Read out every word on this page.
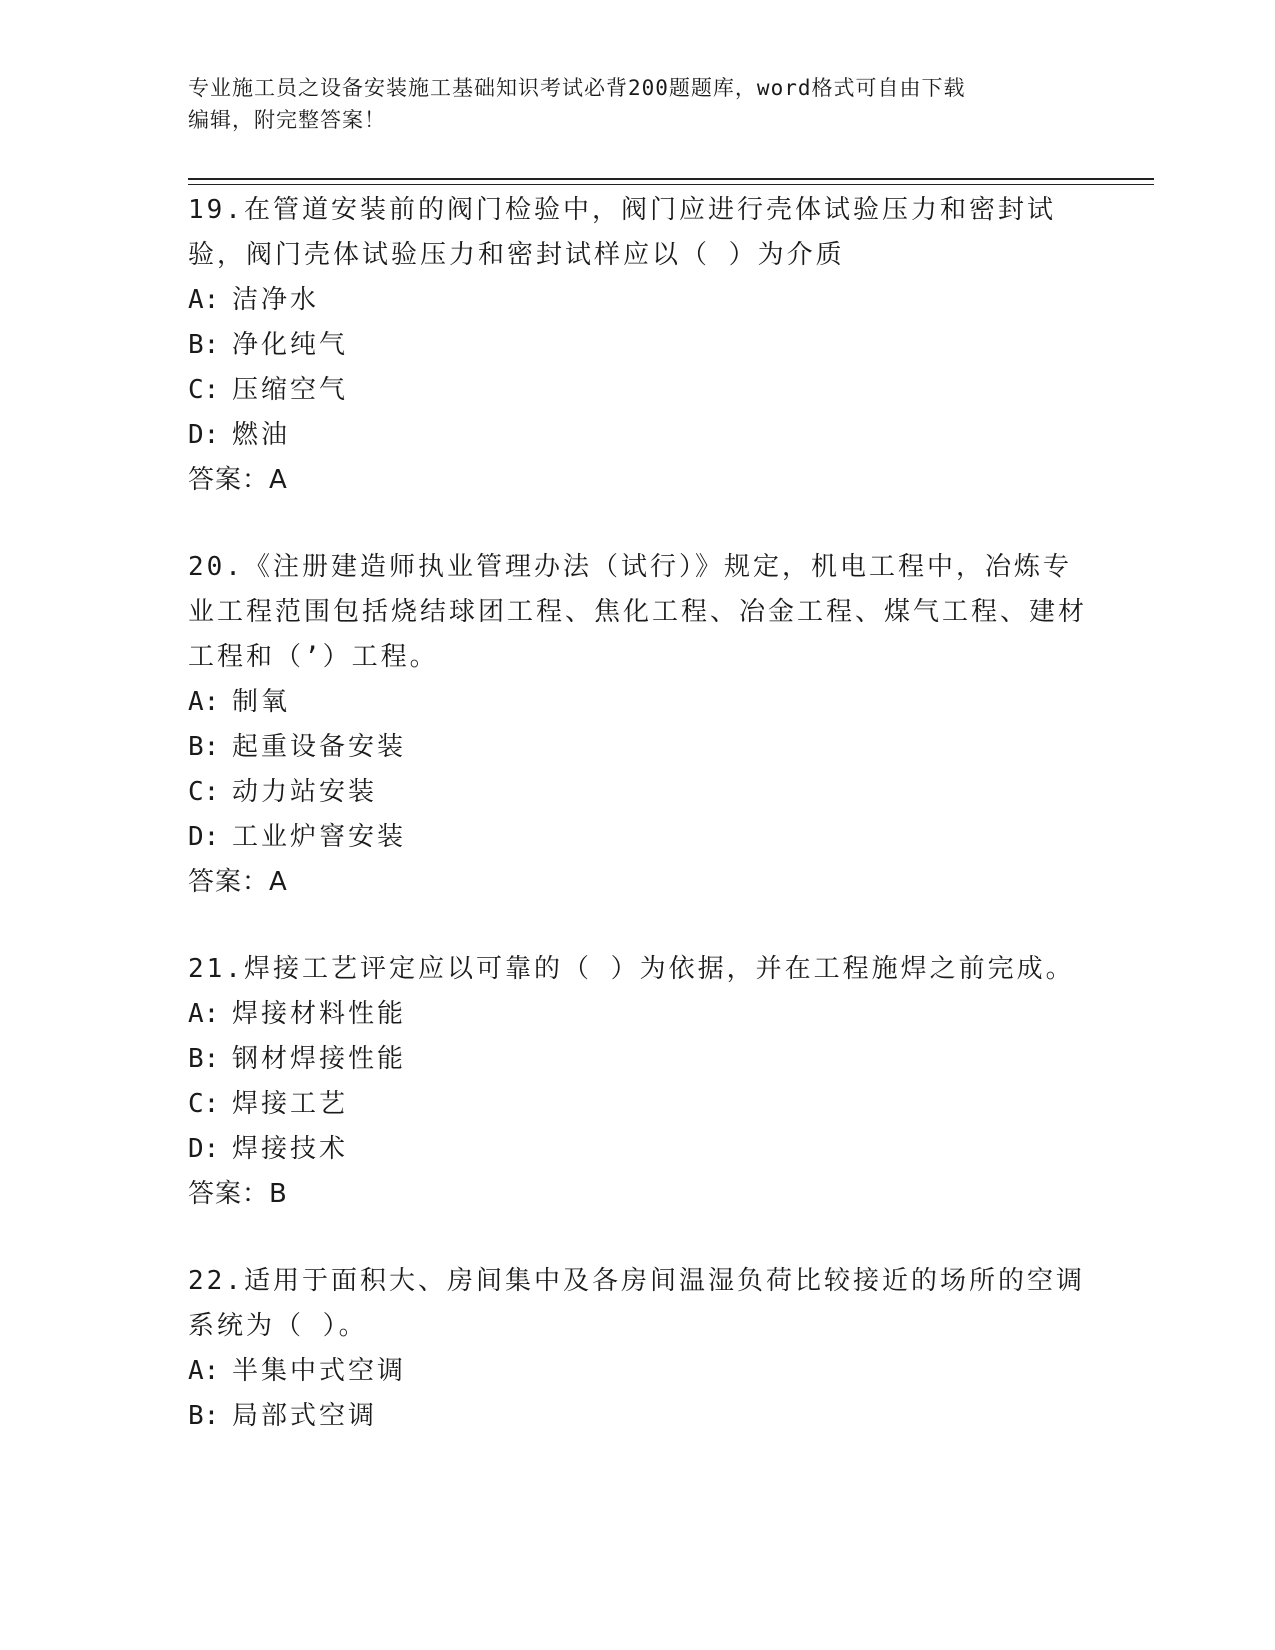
专业施工员之设备安装施工基础知识考试必背200题题库，word格式可自由下载
编辑，附完整答案！

19.在管道安装前的阀门检验中，阀门应进行壳体试验压力和密封试验，阀门壳体试验压力和密封试样应以（ ）为介质

A: 洁净水
B: 净化纯气
C: 压缩空气
D: 燃油
答案：A

20.《注册建造师执业管理办法（试行）》规定，机电工程中，冶炼专业工程范围包括烧结球团工程、焦化工程、冶金工程、煤气工程、建材工程和（’）工程。

A: 制氧
B: 起重设备安装
C: 动力站安装
D: 工业炉窨安装
答案：A

21.焊接工艺评定应以可靠的（ ）为依据，并在工程施焊之前完成。

A: 焊接材料性能
B: 钢材焊接性能
C: 焊接工艺
D: 焊接技术
答案：B

22.适用于面积大、房间集中及各房间温湿负荷比较接近的场所的空调系统为（ ）。

A: 半集中式空调
B: 局部式空调
